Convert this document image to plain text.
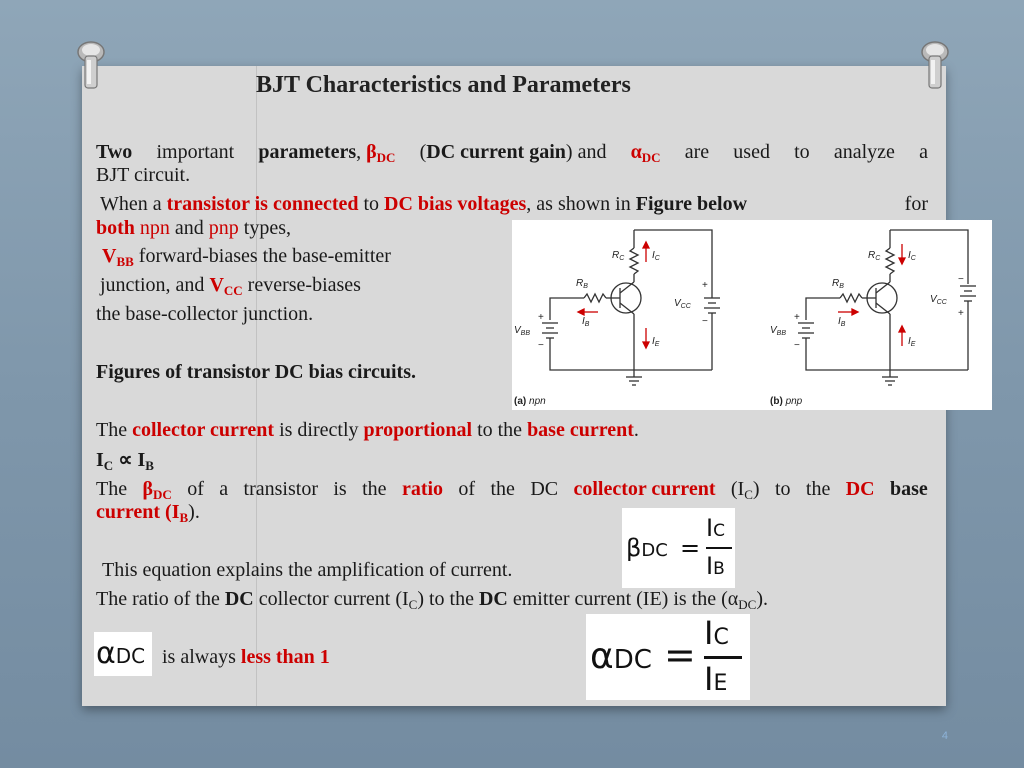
BJT Characteristics and Parameters
Two important parameters, $\beta_{DC}$ (DC current gain) and $\alpha_{DC}$ are used to analyze a
BJT circuit.
When a transistor is connected to DC bias voltages, as shown in Figure below	for
both npn and pnp types,
$V_{BB}$ forward-biases the base-emitter
junction, and $V_{CC}$ reverse-biases
the base-collector junction.
Figures of transistor DC bias circuits.
$R_C$	$I_C$
$R_B$
$I_B$
$I_E$
$V_{CC}$
$V_{BB}$
+
−
+
−
(a) npn
$R_C$	$I_C$
$R_B$
$I_B$
$I_E$
$V_{CC}$
$V_{BB}$
−
+
+
−
(b) pnp
The collector current is directly proportional to the base current.
$I_C \propto I_B$
The $\beta_{DC}$ of a transistor is the ratio of the DC collector current $(I_C)$ to the DC base
current $(I_B)$.
βDC =
IC
IB
This equation explains the amplification of current.
The ratio of the DC collector current $(I_C)$ to the DC emitter current (IE) is the $(\alpha_{DC})$.
αDC is always less than 1	αDC = IC
IE
4
